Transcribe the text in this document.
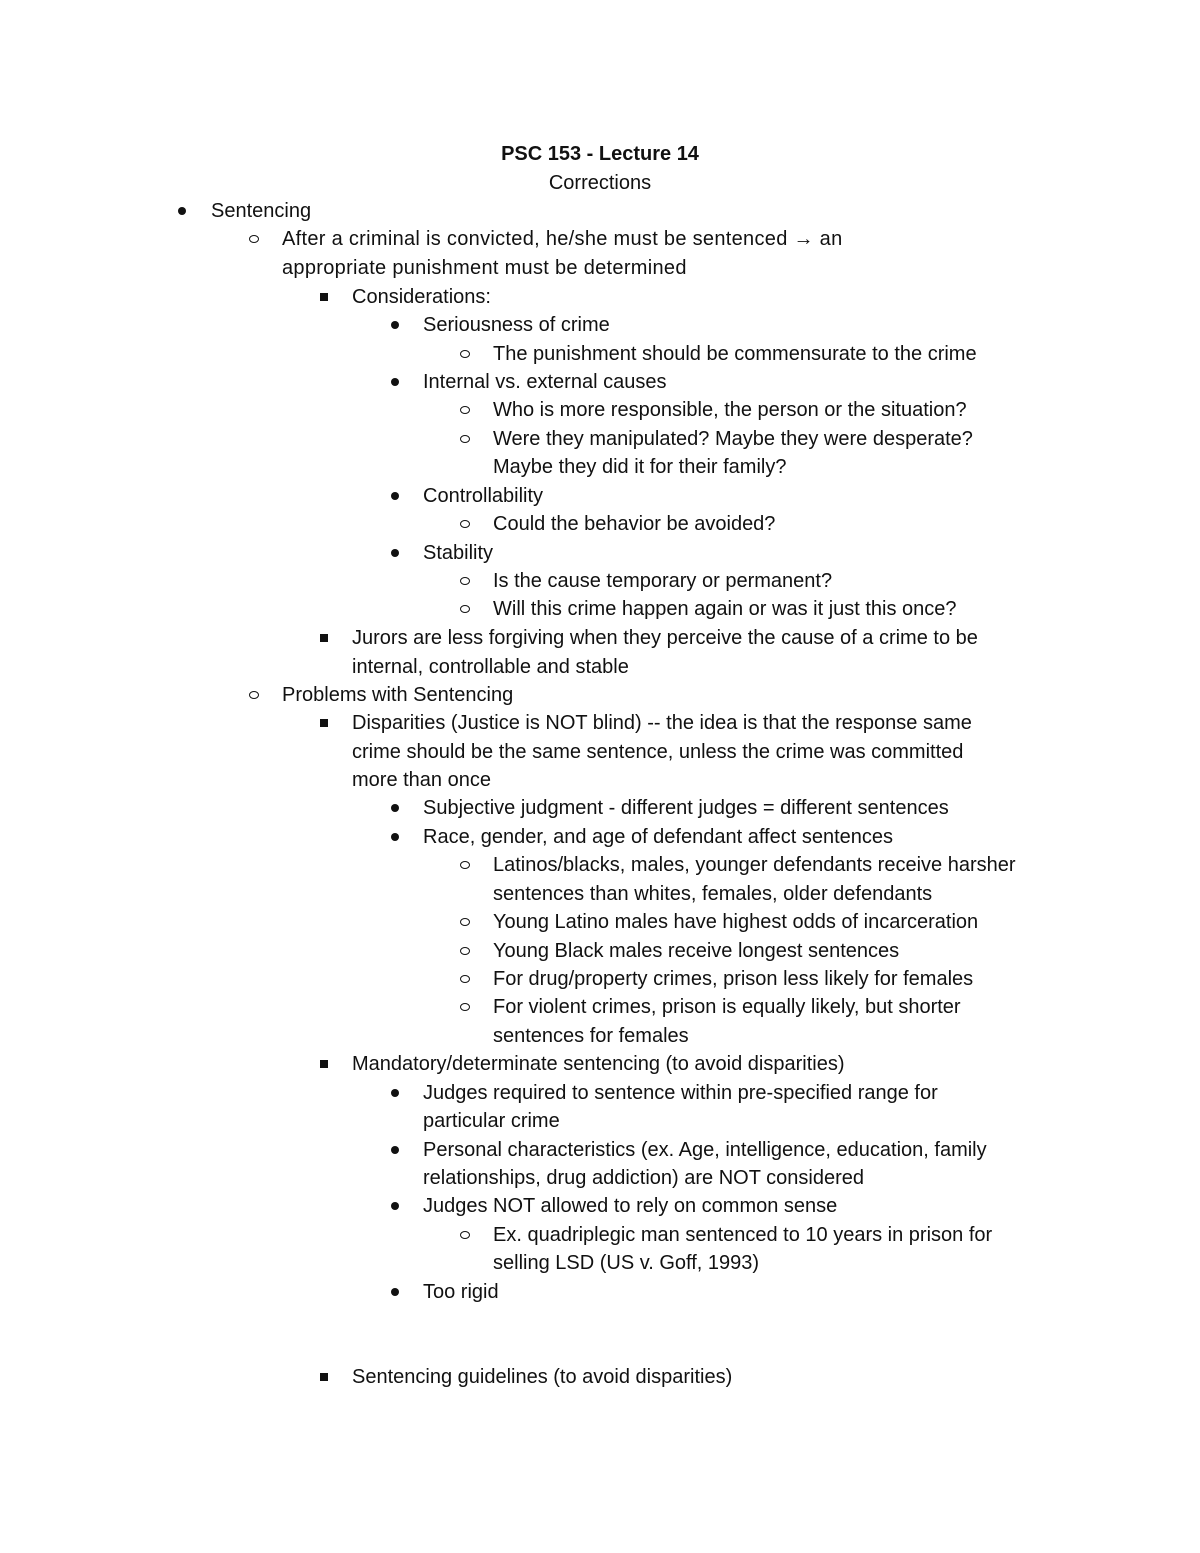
PSC 153 - Lecture 14
Corrections
Sentencing
After a criminal is convicted, he/she must be sentenced → an
appropriate punishment must be determined
Considerations:
Seriousness of crime
The punishment should be commensurate to the crime
Internal vs. external causes
Who is more responsible, the person or the situation?
Were they manipulated? Maybe they were desperate?
Maybe they did it for their family?
Controllability
Could the behavior be avoided?
Stability
Is the cause temporary or permanent?
Will this crime happen again or was it just this once?
Jurors are less forgiving when they perceive the cause of a crime to be
internal, controllable and stable
Problems with Sentencing
Disparities (Justice is NOT blind) -- the idea is that the response same
crime should be the same sentence, unless the crime was committed
more than once
Subjective judgment - different judges = different sentences
Race, gender, and age of defendant affect sentences
Latinos/blacks, males, younger defendants receive harsher
sentences than whites, females, older defendants
Young Latino males have highest odds of incarceration
Young Black males receive longest sentences
For drug/property crimes, prison less likely for females
For violent crimes, prison is equally likely, but shorter
sentences for females
Mandatory/determinate sentencing (to avoid disparities)
Judges required to sentence within pre-specified range for
particular crime
Personal characteristics (ex. Age, intelligence, education, family
relationships, drug addiction) are NOT considered
Judges NOT allowed to rely on common sense
Ex. quadriplegic man sentenced to 10 years in prison for
selling LSD (US v. Goff, 1993)
Too rigid
Sentencing guidelines (to avoid disparities)
